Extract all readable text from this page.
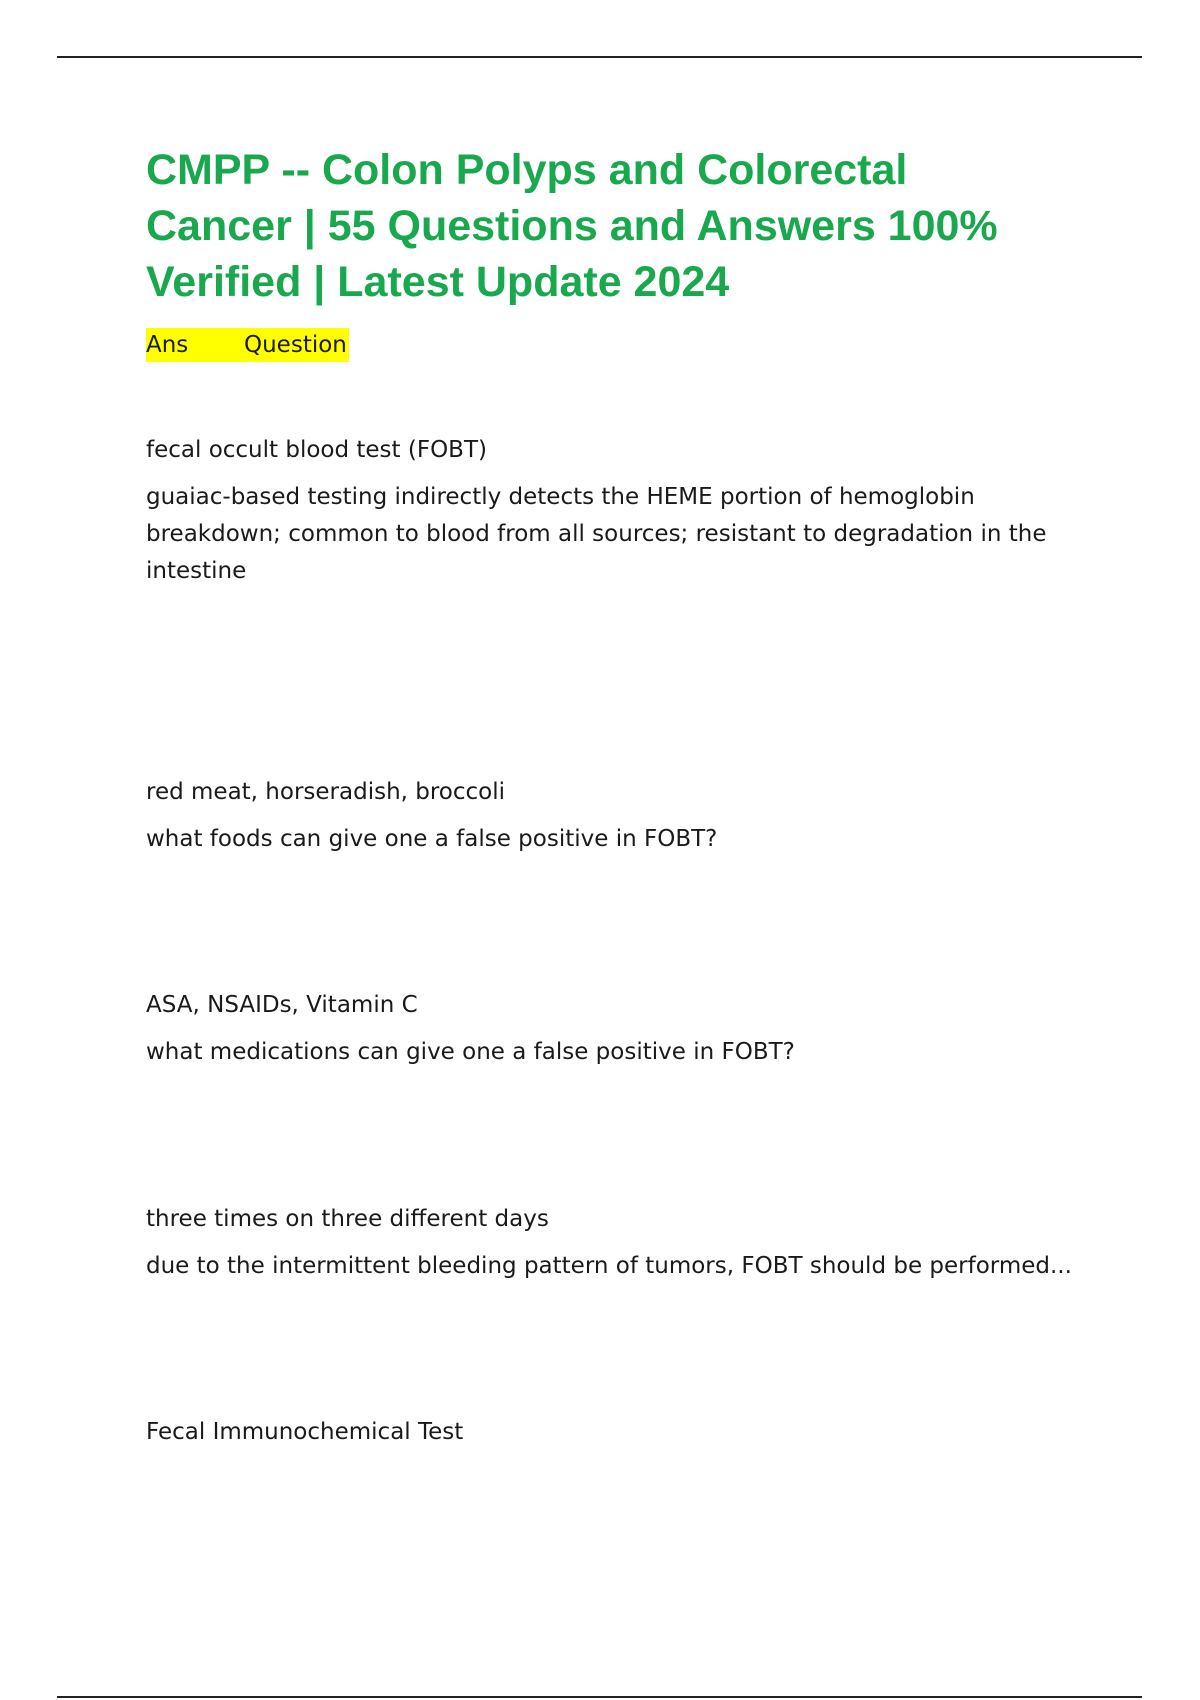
CMPP -- Colon Polyps and Colorectal Cancer | 55 Questions and Answers 100% Verified | Latest Update 2024
Ans	Question

fecal occult blood test (FOBT)

guaiac-based testing indirectly detects the HEME portion of hemoglobin breakdown; common to blood from all sources; resistant to degradation in the intestine

red meat, horseradish, broccoli

what foods can give one a false positive in FOBT?

ASA, NSAIDs, Vitamin C

what medications can give one a false positive in FOBT?

three times on three different days

due to the intermittent bleeding pattern of tumors, FOBT should be performed...

Fecal Immunochemical Test
